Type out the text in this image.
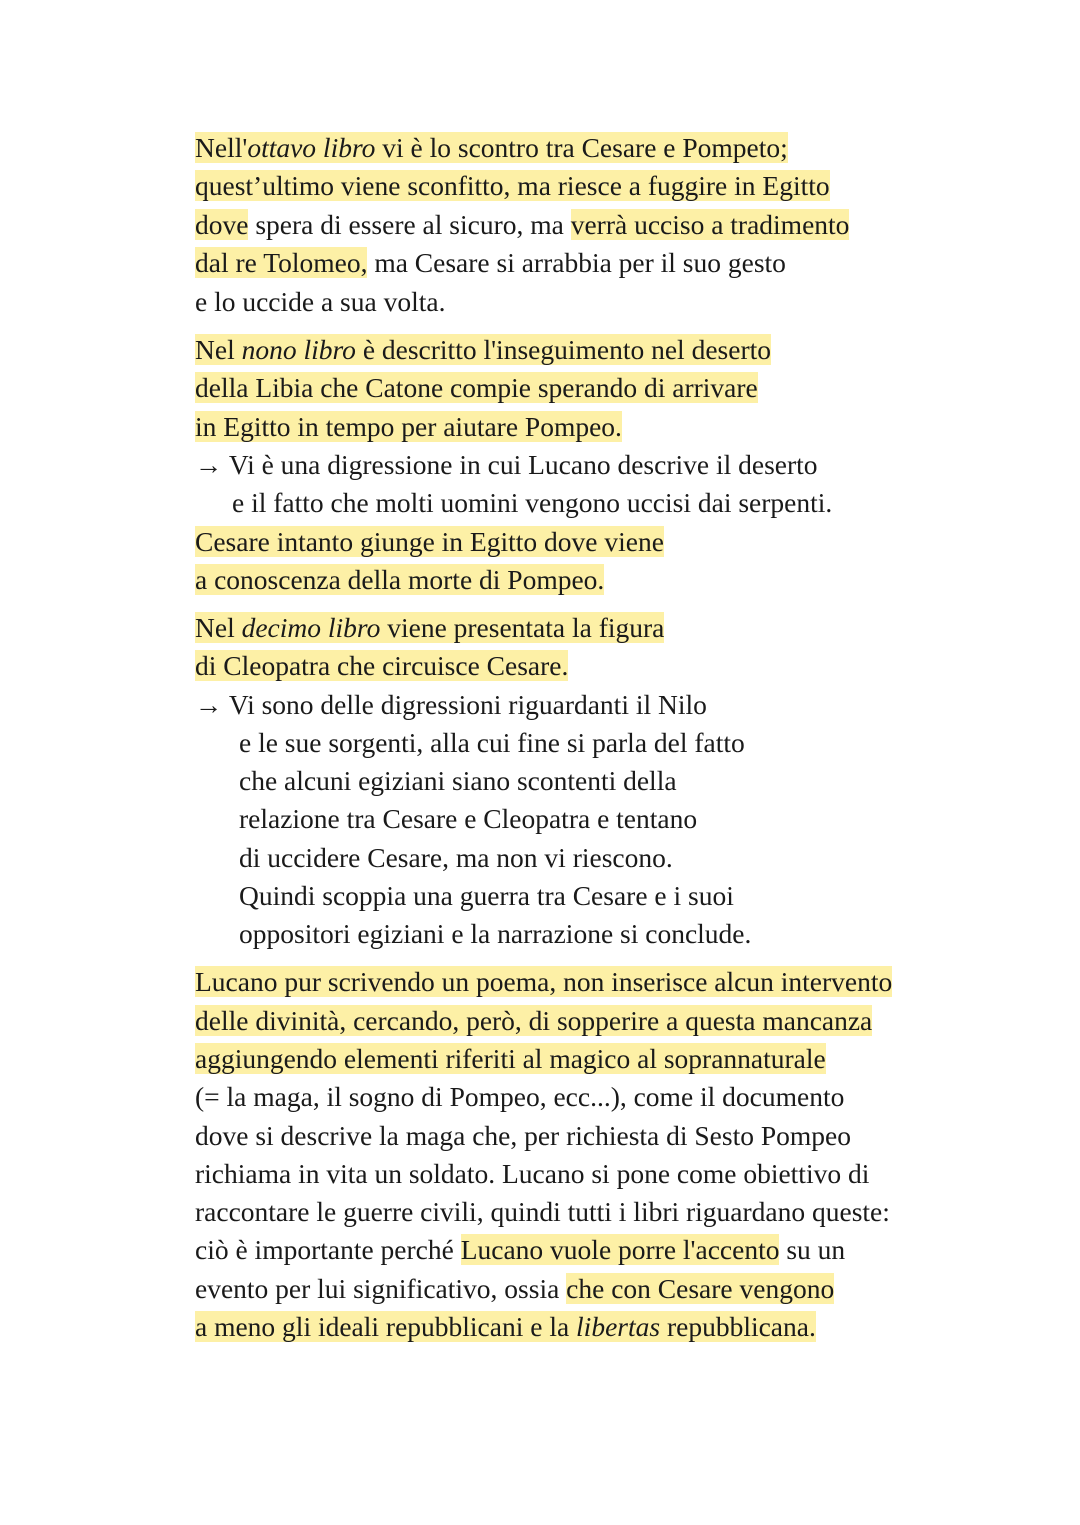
Nell'ottavo libro vi è lo scontro tra Cesare e Pompeto;
quest’ultimo viene sconfitto, ma riesce a fuggire in Egitto
dove spera di essere al sicuro, ma verrà ucciso a tradimento
dal re Tolomeo, ma Cesare si arrabbia per il suo gesto
e lo uccide a sua volta.
Nel nono libro è descritto l'inseguimento nel deserto
della Libia che Catone compie sperando di arrivare
in Egitto in tempo per aiutare Pompeo.
→ Vi è una digressione in cui Lucano descrive il deserto
e il fatto che molti uomini vengono uccisi dai serpenti.
Cesare intanto giunge in Egitto dove viene
a conoscenza della morte di Pompeo.
Nel decimo libro viene presentata la figura
di Cleopatra che circuisce Cesare.
→ Vi sono delle digressioni riguardanti il Nilo
e le sue sorgenti, alla cui fine si parla del fatto
che alcuni egiziani siano scontenti della
relazione tra Cesare e Cleopatra e tentano
di uccidere Cesare, ma non vi riescono.
Quindi scoppia una guerra tra Cesare e i suoi
oppositori egiziani e la narrazione si conclude.
Lucano pur scrivendo un poema, non inserisce alcun intervento
delle divinità, cercando, però, di sopperire a questa mancanza
aggiungendo elementi riferiti al magico al soprannaturale
(= la maga, il sogno di Pompeo, ecc...), come il documento
dove si descrive la maga che, per richiesta di Sesto Pompeo
richiama in vita un soldato. Lucano si pone come obiettivo di
raccontare le guerre civili, quindi tutti i libri riguardano queste:
ciò è importante perché Lucano vuole porre l'accento su un
evento per lui significativo, ossia che con Cesare vengono
a meno gli ideali repubblicani e la libertas repubblicana.
